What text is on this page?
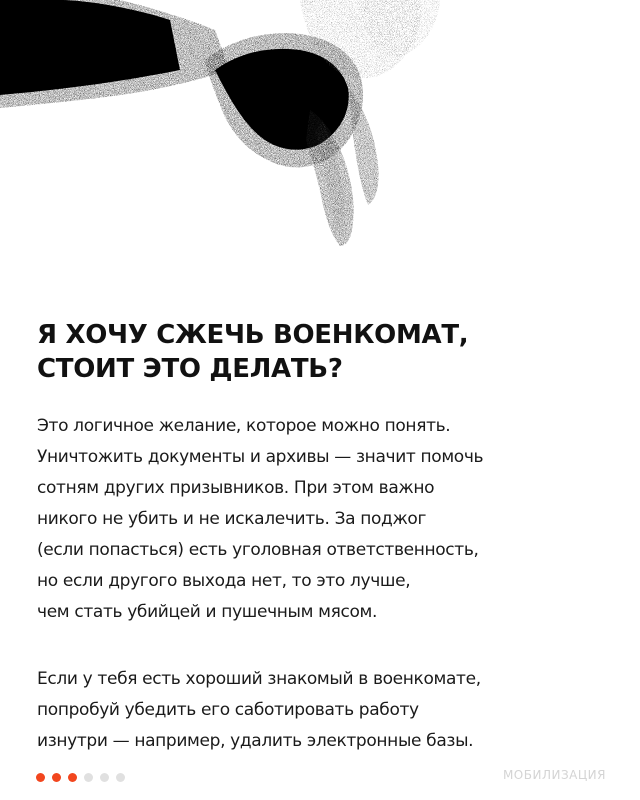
Я ХОЧУ СЖЕЧЬ ВОЕНКОМАТ,
СТОИТ ЭТО ДЕЛАТЬ?
Это логичное желание, которое можно понять.
Уничтожить документы и архивы — значит помочь
сотням других призывников. При этом важно
никого не убить и не искалечить. За поджог
(если попасться) есть уголовная ответственность,
но если другого выхода нет, то это лучше,
чем стать убийцей и пушечным мясом.
Если у тебя есть хороший знакомый в военкомате,
попробуй убедить его саботировать работу
изнутри — например, удалить электронные базы.
МОБИЛИЗАЦИЯ
